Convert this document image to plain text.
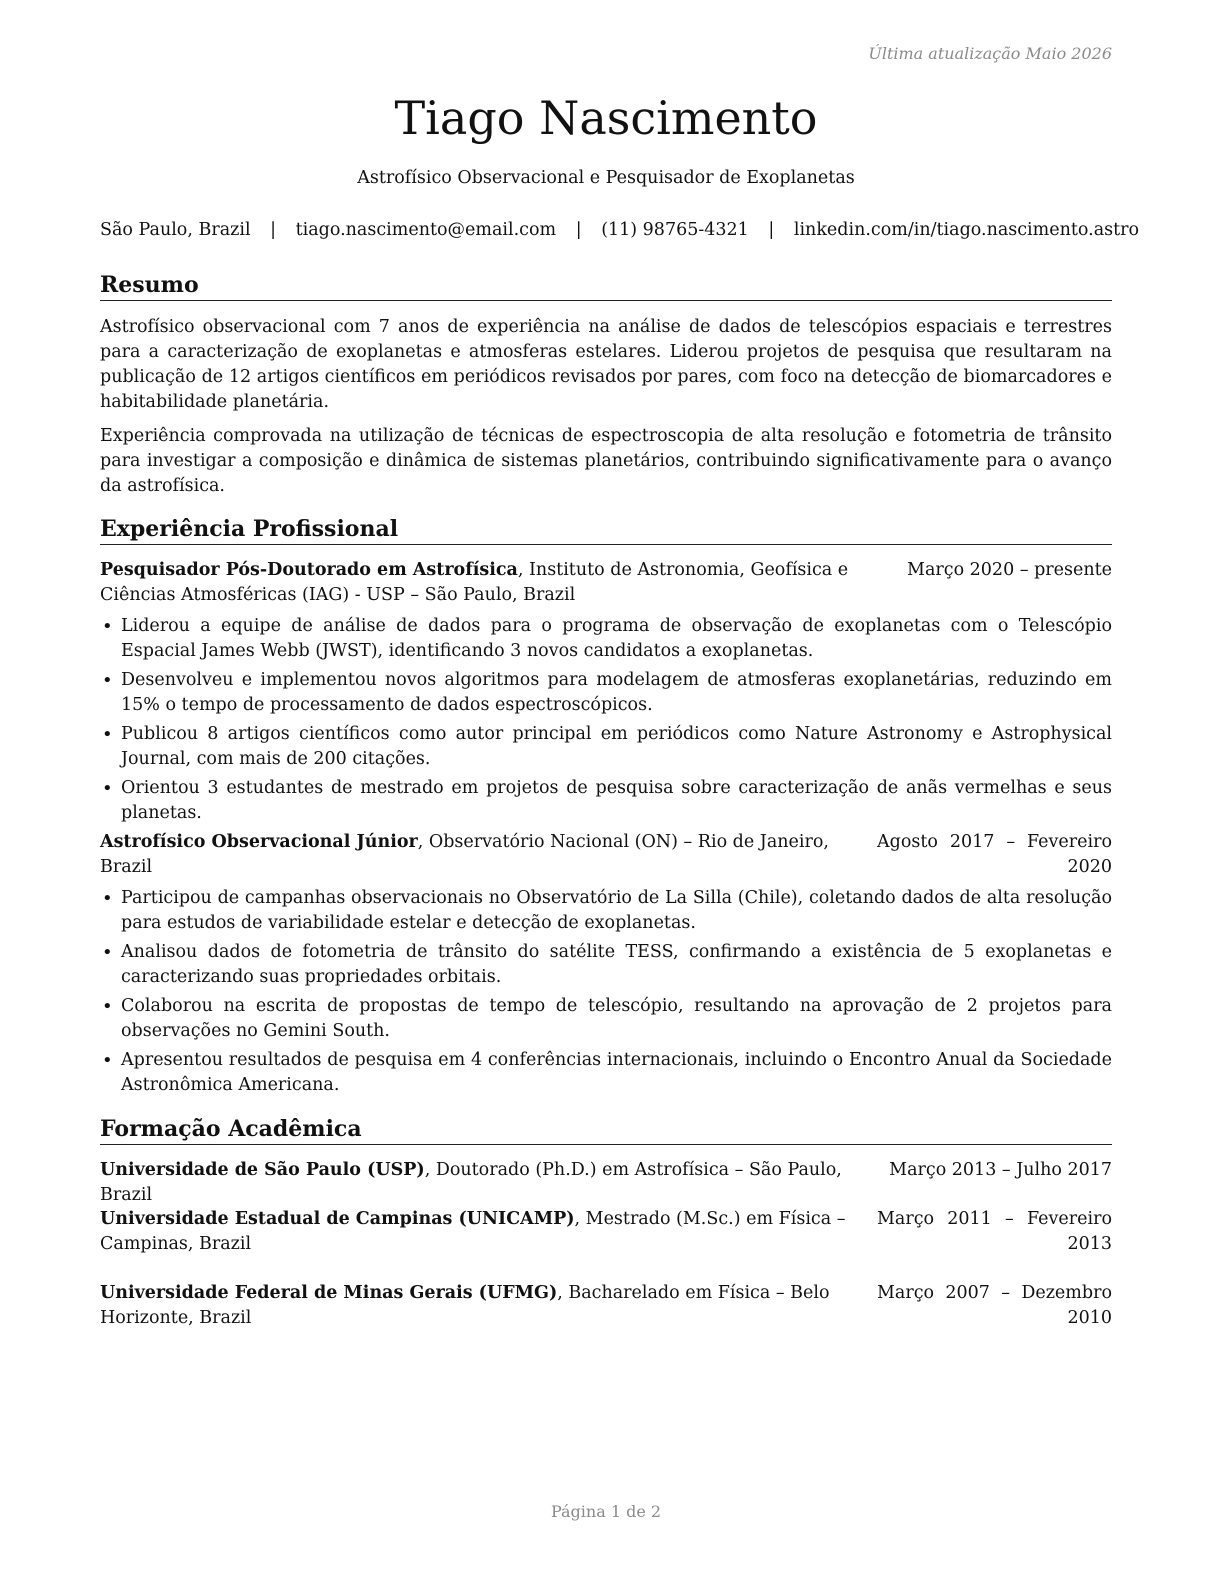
Última atualização Maio 2026
Tiago Nascimento
Astrofísico Observacional e Pesquisador de Exoplanetas
São Paulo, Brazil | tiago.nascimento@email.com | (11) 98765-4321 | linkedin.com/in/tiago.nascimento.astro
Resumo
Astrofísico observacional com 7 anos de experiência na análise de dados de telescópios espaciais e terrestres para a caracterização de exoplanetas e atmosferas estelares. Liderou projetos de pesquisa que resultaram na publicação de 12 artigos científicos em periódicos revisados por pares, com foco na detecção de biomarcadores e habitabilidade planetária.
Experiência comprovada na utilização de técnicas de espectroscopia de alta resolução e fotometria de trânsito para investigar a composição e dinâmica de sistemas planetários, contribuindo significativamente para o avanço da astrofísica.
Experiência Profissional
Pesquisador Pós-Doutorado em Astrofísica, Instituto de Astronomia, Geofísica e Ciências Atmosféricas (IAG) - USP – São Paulo, Brazil
Março 2020 – presente
• Liderou a equipe de análise de dados para o programa de observação de exoplanetas com o Telescópio Espacial James Webb (JWST), identificando 3 novos candidatos a exoplanetas.
• Desenvolveu e implementou novos algoritmos para modelagem de atmosferas exoplanetárias, reduzindo em 15% o tempo de processamento de dados espectroscópicos.
• Publicou 8 artigos científicos como autor principal em periódicos como Nature Astronomy e Astrophysical Journal, com mais de 200 citações.
• Orientou 3 estudantes de mestrado em projetos de pesquisa sobre caracterização de anãs vermelhas e seus planetas.
Astrofísico Observacional Júnior, Observatório Nacional (ON) – Rio de Janeiro, Brazil
Agosto 2017 – Fevereiro 2020
• Participou de campanhas observacionais no Observatório de La Silla (Chile), coletando dados de alta resolução para estudos de variabilidade estelar e detecção de exoplanetas.
• Analisou dados de fotometria de trânsito do satélite TESS, confirmando a existência de 5 exoplanetas e caracterizando suas propriedades orbitais.
• Colaborou na escrita de propostas de tempo de telescópio, resultando na aprovação de 2 projetos para observações no Gemini South.
• Apresentou resultados de pesquisa em 4 conferências internacionais, incluindo o Encontro Anual da Sociedade Astronômica Americana.
Formação Acadêmica
Universidade de São Paulo (USP), Doutorado (Ph.D.) em Astrofísica – São Paulo, Brazil
Março 2013 – Julho 2017
Universidade Estadual de Campinas (UNICAMP), Mestrado (M.Sc.) em Física – Campinas, Brazil
Março 2011 – Fevereiro 2013
Universidade Federal de Minas Gerais (UFMG), Bacharelado em Física – Belo Horizonte, Brazil
Março 2007 – Dezembro 2010
Página 1 de 2
